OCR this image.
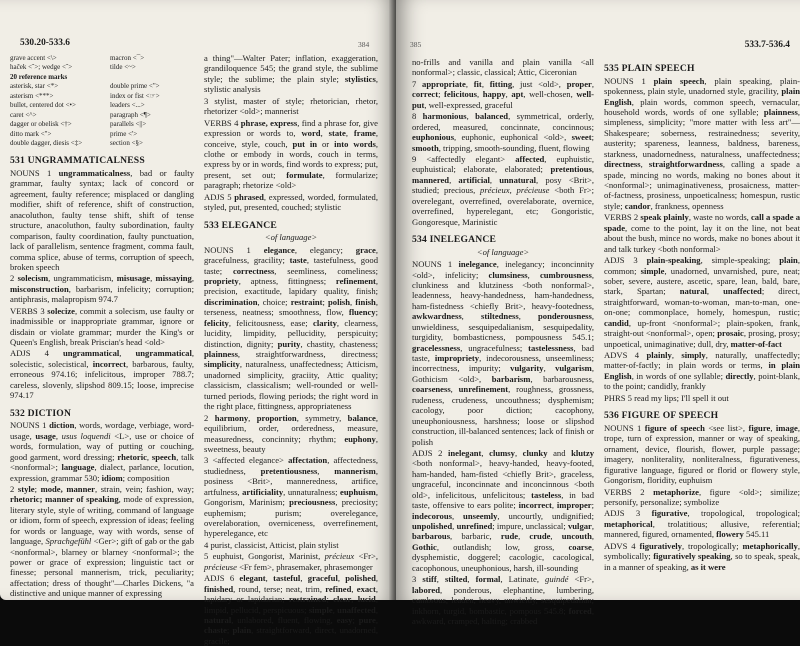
530.20-533.6	384
grave accent <\>
hac̆ek <˘>; wedge <˘>
20 reference marks
asterisk, star <*>
asterism <***>
bullet, centered dot <•>
caret <^>
dagger or obelisk <†>
ditto mark <">
double dagger, diesis <‡>
macron <¯>
tilde <~>

double prime <">
index or fist <☞>
leaders <...>
paragraph <¶>
parallels <||>
prime <'>
section <§>
531 UNGRAMMATICALNESS

NOUNS 1 ungrammaticalness, bad or faulty grammar, faulty syntax; lack of concord or agreement, faulty reference; misplaced or dangling modifier, shift of reference, shift of construction, anacoluthon, faulty tense shift, shift of tense structure, anacoluthon, faulty subordination, faulty comparison, faulty coordination, faulty punctuation, lack of parallelism, sentence fragment, comma fault, comma splice, abuse of terms, corruption of speech, broken speech

2 solecism, ungrammaticism, misusage, missaying, misconstruction, barbarism, infelicity; corruption; antiphrasis, malapropism 974.7

VERBS 3 solecize, commit a solecism, use faulty or inadmissible or inappropriate grammar, ignore or disdain or violate grammar; murder the King's or Queen's English, break Priscian's head <old>

ADJS 4 ungrammatical, ungrammatical, solecistic, solecistical, incorrect, barbarous, faulty, erroneous 974.16; infelicitous, improper 788.7; careless, slovenly, slipshod 809.15; loose, imprecise 974.17

532 DICTION

NOUNS 1 diction, words, wordage, verbiage, word-usage, usage, usus loquendi <L>, use or choice of words, formulation, way of putting or couching, good garment, word dressing; rhetoric, speech, talk <nonformal>; language, dialect, parlance, locution, expression, grammar 530; idiom; composition

2 style; mode, manner, strain, vein; fashion, way; rhetoric; manner of speaking, mode of expression, literary style, style of writing, command of language or idiom, form of speech, expression of ideas; feeling for words or language, way with words, sense of language, Sprachgefühl <Ger>; gift of gab or the gab <nonformal>, blarney or blarney <nonformal>; the power or grace of expression; linguistic tact or finesse; personal mannerism, trick, peculiarity; affectation; dress of thought"—Charles Dickens, "a distinctive and unique manner of expressing

a thing"—Walter Pater; inflation, exaggeration, grandiloquence 545; the grand style, the sublime style; the sublime; the plain style; stylistics, stylistic analysis

3 stylist, master of style; rhetorician, rhetor, rhetorizer <old>; mannerist

VERBS 4 phrase, express, find a phrase for, give expression or words to, word, state, frame, conceive, style, couch, put in or into words, clothe or embody in words, couch in terms, express by or in words, find words to express; put, present, set out; formulate, formularize; paragraph; rhetorize <old>

ADJS 5 phrased, expressed, worded, formulated, styled, put, presented, couched; stylistic

533 ELEGANCE
<of language>

NOUNS 1 elegance, elegancy; grace, gracefulness, gracility; taste, tastefulness, good taste; correctness, seemliness, comeliness; propriety, aptness, fittingness; refinement, precision, exactitude, lapidary quality, finish; discrimination, choice; restraint; polish, finish, terseness, neatness; smoothness, flow, fluency; felicity, felicitousness, ease; clarity, clearness, lucidity, limpidity, pellucidity, perspicuity; distinction, dignity; purity, chastity, chasteness; plainness, straightforwardness, directness; simplicity, naturalness, unaffectedness; Atticism, unadorned simplicity, graciity, Attic quality; classicism, classicalism; well-rounded or well-turned periods, flowing periods; the right word in the right place, fittingness, appropriateness

2 harmony, proportion, symmetry, balance, equilibrium, order, orderedness, measure, measuredness, concinnity; rhythm; euphony, sweetness, beauty

3 <affected elegance> affectation, affectedness, studiedness, pretentiousness, mannerism, posiness <Brit>, manneredness, artifice, artfulness, artificiality, unnaturalness; euphuism, Gongorism, Marinism; preciousness, preciosity; euphemism; purism; overelegance, overelaboration, overniceness, overrefinement, hyperelegance, etc

4 purist, classicist, Atticist, plain stylist

5 euphuist, Gongorist, Marinist, précieux <Fr>, précieuse <Fr fem>, phrasemaker, phrasemonger

ADJS 6 elegant, tasteful, graceful, polished, finished, round, terse; neat, trim, refined, exact, lapidary or lapidarian; restrained; clear, lucid, limpid, pellucid, perspicuous; simple, unaffected, natural, unlabored, fluent, flowing, easy; pure, chaste; plain, straightforward, direct, unadorned, gracile;

385	533.7-536.4

no-frills and vanilla and plain vanilla <all nonformal>; classic, classical; Attic, Ciceronian

7 appropriate, fit, fitting, just <old>, proper, correct; felicitous, happy, apt, well-chosen, well-put, well-expressed, graceful

8 harmonious, balanced, symmetrical, orderly, ordered, measured, concinnate, concinnous; euphonious, euphonic, euphonical <old>, sweet; smooth, tripping, smooth-sounding, fluent, flowing

9 <affectedly elegant> affected, euphuistic, euphuistical; elaborate, elaborated; pretentious, mannered, artificial, unnatural, posy <Brit>, studied; precious, précieux, précieuse <both Fr>; overelegant, overrefined, overelaborate, overnice, overrefined, hyperelegant, etc; Gongoristic, Gongoresque, Marinistic

534 INELEGANCE
<of language>

NOUNS 1 inelegance, inelegancy; inconcinnity <old>, infelicity; clumsiness, cumbrousness, clunkiness and klutziness <both nonformal>, leadenness, heavy-handedness, ham-handedness, ham-fistedness <chiefly Brit>, heavy-footedness, awkwardness, stiltedness, ponderousness, unwieldiness, sesquipedalianism, sesquipedality, turgidity, bombasticness, pompousness 545.1; gracelessness, ungracefulness; tastelessness, bad taste, impropriety, indecorousness, unseemliness; incorrectness, impurity; vulgarity, vulgarism, Gothicism <old>, barbarism, barbarousness, coarseness, unrefinement, roughness, grossness, rudeness, crudeness, uncouthness; dysphemism; cacology, poor diction; cacophony, uneuphoniousness, harshness; loose or slipshod construction, ill-balanced sentences; lack of finish or polish

ADJS 2 inelegant, clumsy, clunky and klutzy <both nonformal>, heavy-handed, heavy-footed, ham-handed, ham-fisted <chiefly Brit>, graceless, ungraceful, inconcinnate and inconcinnous <both old>, infelicitous, unfelicitous; tasteless, in bad taste, offensive to ears polite; incorrect, improper; indecorous, unseemly, uncourtly, undignified; unpolished, unrefined; impure, unclassical; vulgar, barbarous, barbaric, rude, crude, uncouth, Gothic, outlandish; low, gross, coarse, dysphemistic, doggerel; cacologic, cacological, cacophonous, uneuphonious, harsh, ill-sounding

3 stiff, stilted, formal, Latinate, guindé <Fr>, labored, ponderous, elephantine, lumbering, cumbrous, leaden, heavy, unwieldy, sesquipedalian; inkhorn, turgid, bombastic, pompous 545.8; forced, awkward, cramped, halting; crabbed

535 PLAIN SPEECH

NOUNS 1 plain speech, plain speaking, plain-spokenness, plain style, unadorned style, gracility, plain English, plain words, common speech, vernacular, household words, words of one syllable; plainness, simpleness, simplicity; "more matter with less art"—Shakespeare; soberness, restrainedness; severity, austerity; spareness, leanness, baldness, bareness, starkness, unadornedness, naturalness, unaffectedness; directness, straightforwardness, calling a spade a spade, mincing no words, making no bones about it <nonformal>; unimaginativeness, prosaicness, matter-of-factness, prosiness, unpoeticalness; homespun, rustic style; candor, frankness, openness

VERBS 2 speak plainly, waste no words, call a spade a spade, come to the point, lay it on the line, not beat about the bush, mince no words, make no bones about it and talk turkey <both nonformal>

ADJS 3 plain-speaking, simple-speaking; plain, common; simple, unadorned, unvarnished, pure, neat; sober, severe, austere, ascetic, spare, lean, bald, bare, stark, Spartan; natural, unaffected; direct, straightforward, woman-to-woman, man-to-man, one-on-one; commonplace, homely, homespun, rustic; candid, up-front <nonformal>; plain-spoken, frank, straight-out <nonformal>, open; prosaic, prosing, prosy; unpoetical, unimaginative; dull, dry, matter-of-fact

ADVS 4 plainly, simply, naturally, unaffectedly; matter-of-factly; in plain words or terms, in plain English, in words of one syllable; directly, point-blank, to the point; candidly, frankly

PHRS 5 read my lips; I'll spell it out

536 FIGURE OF SPEECH

NOUNS 1 figure of speech <see list>, figure, image, trope, turn of expression, manner or way of speaking, ornament, device, flourish, flower, purple passage; imagery, nonliterality, nonliteralness, figurativeness, figurative language, figured or florid or flowery style, Gongorism, floridity, euphuism

VERBS 2 metaphorize, figure <old>; similize; personify, personalize; symbolize

ADJS 3 figurative, tropological, tropological; metaphorical, trolatitious; allusive, referential; mannered, figured, ornamented, flowery 545.11

ADVS 4 figuratively, tropologically; metaphorically, symbolically; figuratively speaking, so to speak, speak, in a manner of speaking, as it were
